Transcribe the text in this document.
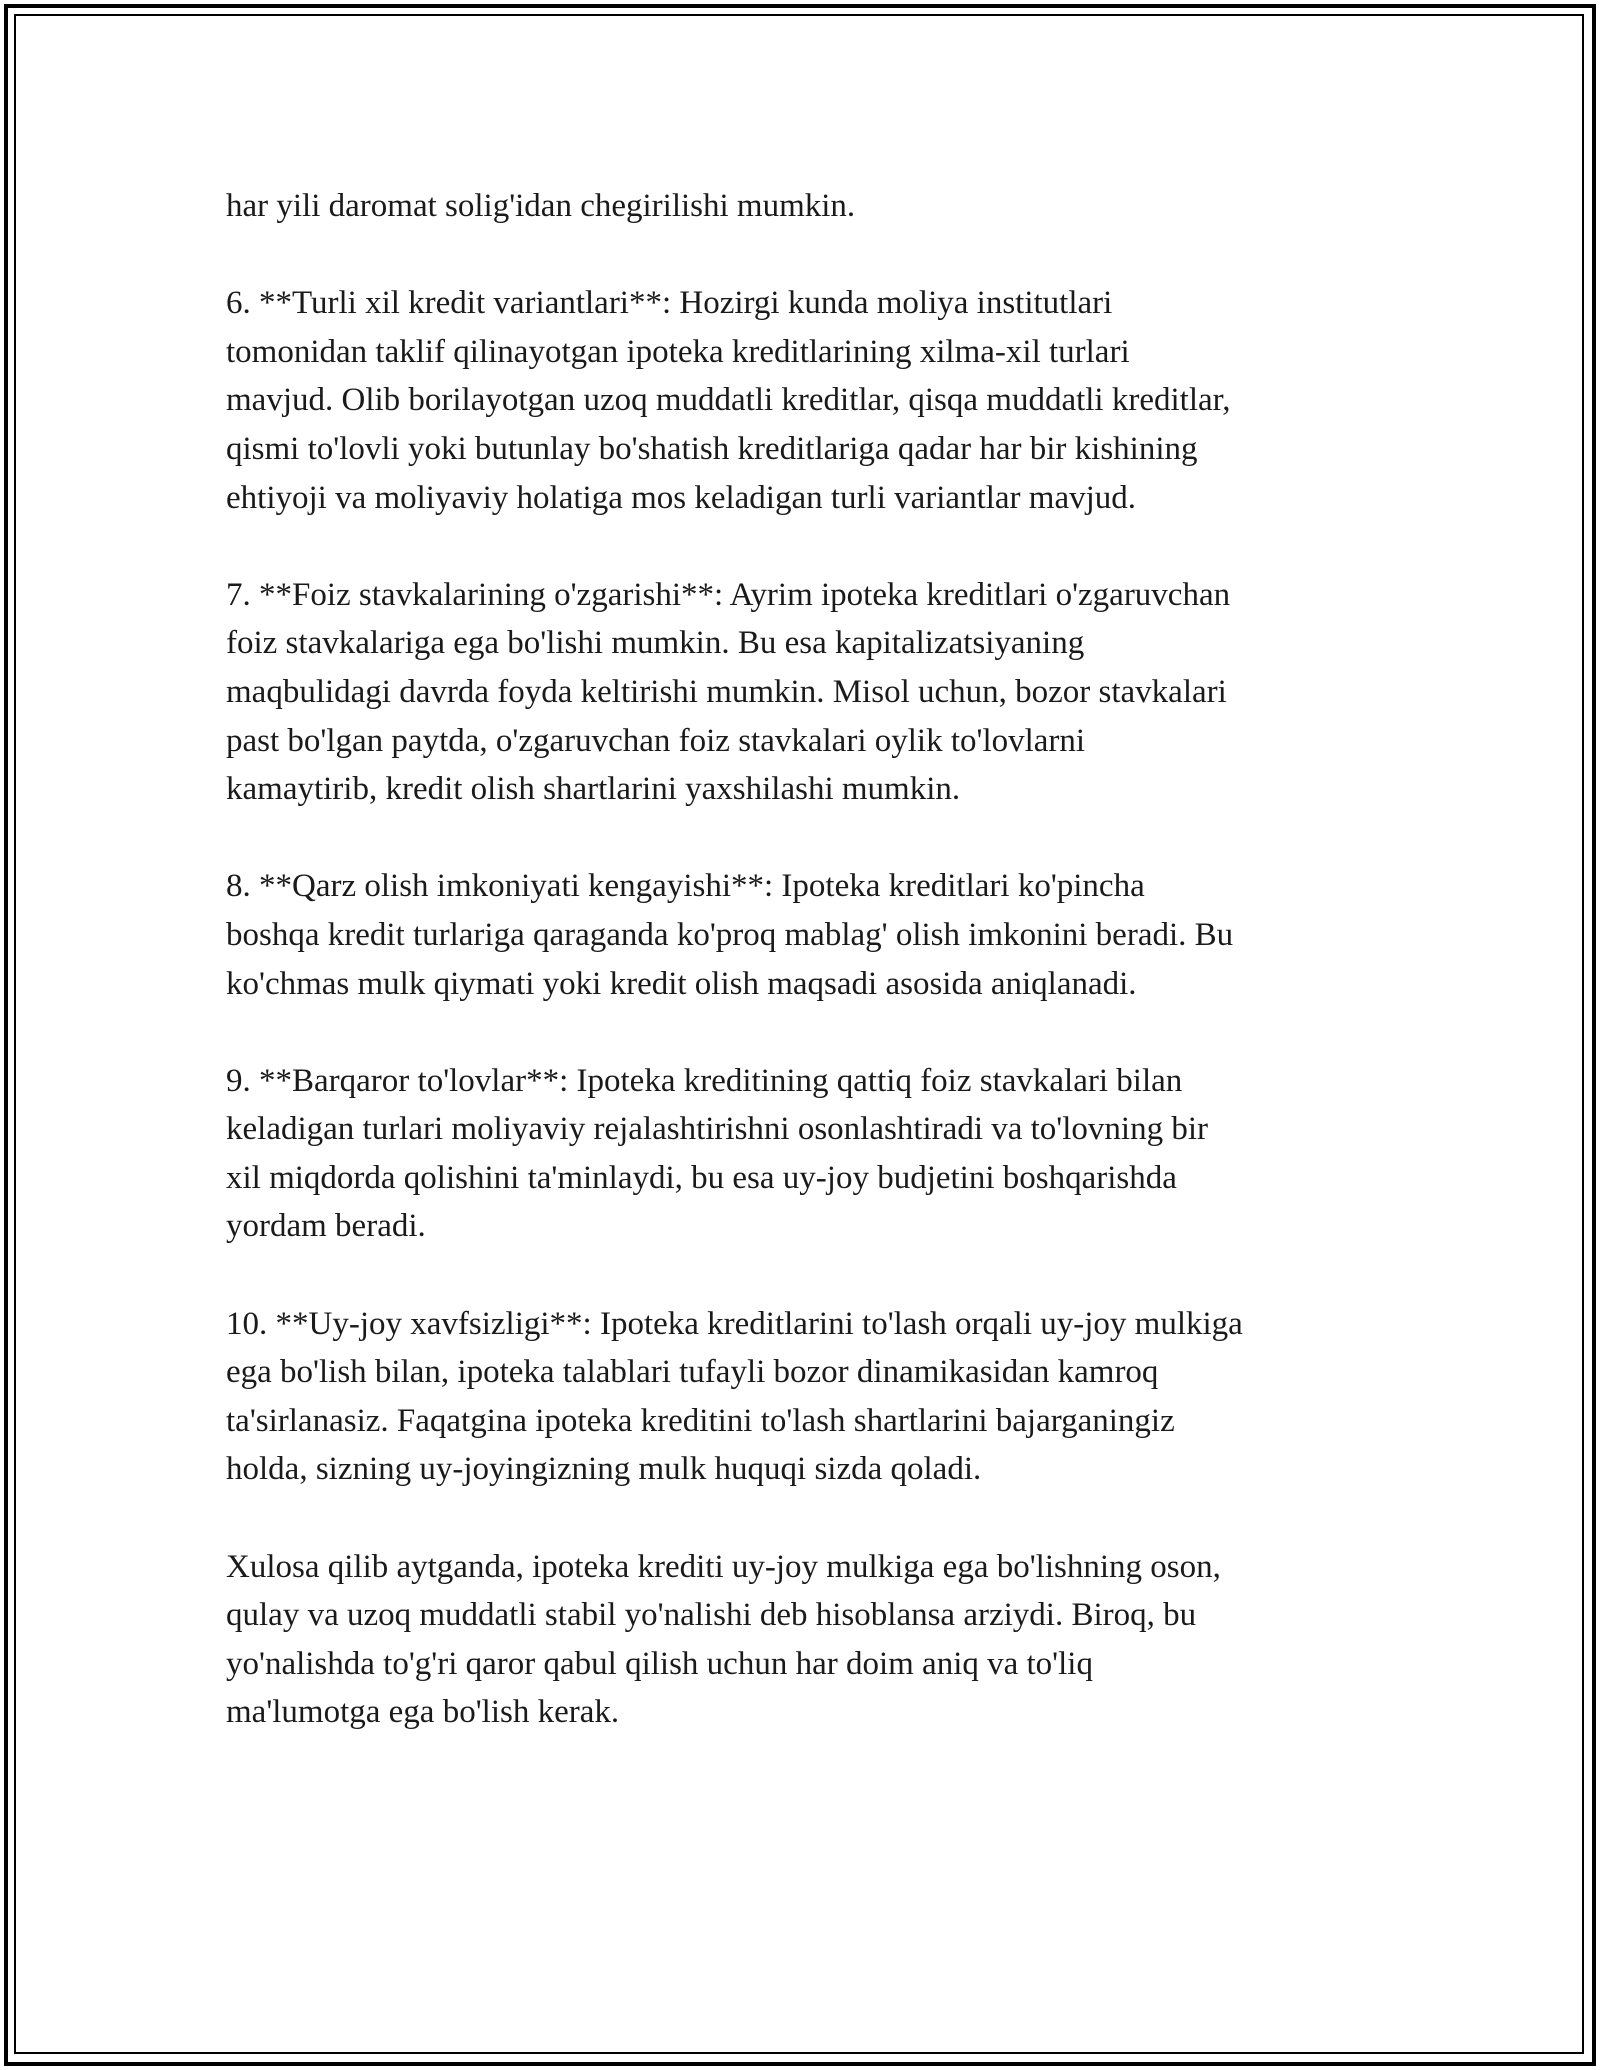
har yili daromat solig'idan chegirilishi mumkin.

6. **Turli xil kredit variantlari**: Hozirgi kunda moliya institutlari
tomonidan taklif qilinayotgan ipoteka kreditlarining xilma-xil turlari
mavjud. Olib borilayotgan uzoq muddatli kreditlar, qisqa muddatli kreditlar,
qismi to'lovli yoki butunlay bo'shatish kreditlariga qadar har bir kishining
ehtiyoji va moliyaviy holatiga mos keladigan turli variantlar mavjud.

7. **Foiz stavkalarining o'zgarishi**: Ayrim ipoteka kreditlari o'zgaruvchan
foiz stavkalariga ega bo'lishi mumkin. Bu esa kapitalizatsiyaning
maqbulidagi davrda foyda keltirishi mumkin. Misol uchun, bozor stavkalari
past bo'lgan paytda, o'zgaruvchan foiz stavkalari oylik to'lovlarni
kamaytirib, kredit olish shartlarini yaxshilashi mumkin.

8. **Qarz olish imkoniyati kengayishi**: Ipoteka kreditlari ko'pincha
boshqa kredit turlariga qaraganda ko'proq mablag' olish imkonini beradi. Bu
ko'chmas mulk qiymati yoki kredit olish maqsadi asosida aniqlanadi.

9. **Barqaror to'lovlar**: Ipoteka kreditining qattiq foiz stavkalari bilan
keladigan turlari moliyaviy rejalashtirishni osonlashtiradi va to'lovning bir
xil miqdorda qolishini ta'minlaydi, bu esa uy-joy budjetini boshqarishda
yordam beradi.

10. **Uy-joy xavfsizligi**: Ipoteka kreditlarini to'lash orqali uy-joy mulkiga
ega bo'lish bilan, ipoteka talablari tufayli bozor dinamikasidan kamroq
ta'sirlanasiz. Faqatgina ipoteka kreditini to'lash shartlarini bajarganingiz
holda, sizning uy-joyingizning mulk huquqi sizda qoladi.

Xulosa qilib aytganda, ipoteka krediti uy-joy mulkiga ega bo'lishning oson,
qulay va uzoq muddatli stabil yo'nalishi deb hisoblansa arziydi. Biroq, bu
yo'nalishda to'g'ri qaror qabul qilish uchun har doim aniq va to'liq
ma'lumotga ega bo'lish kerak.
